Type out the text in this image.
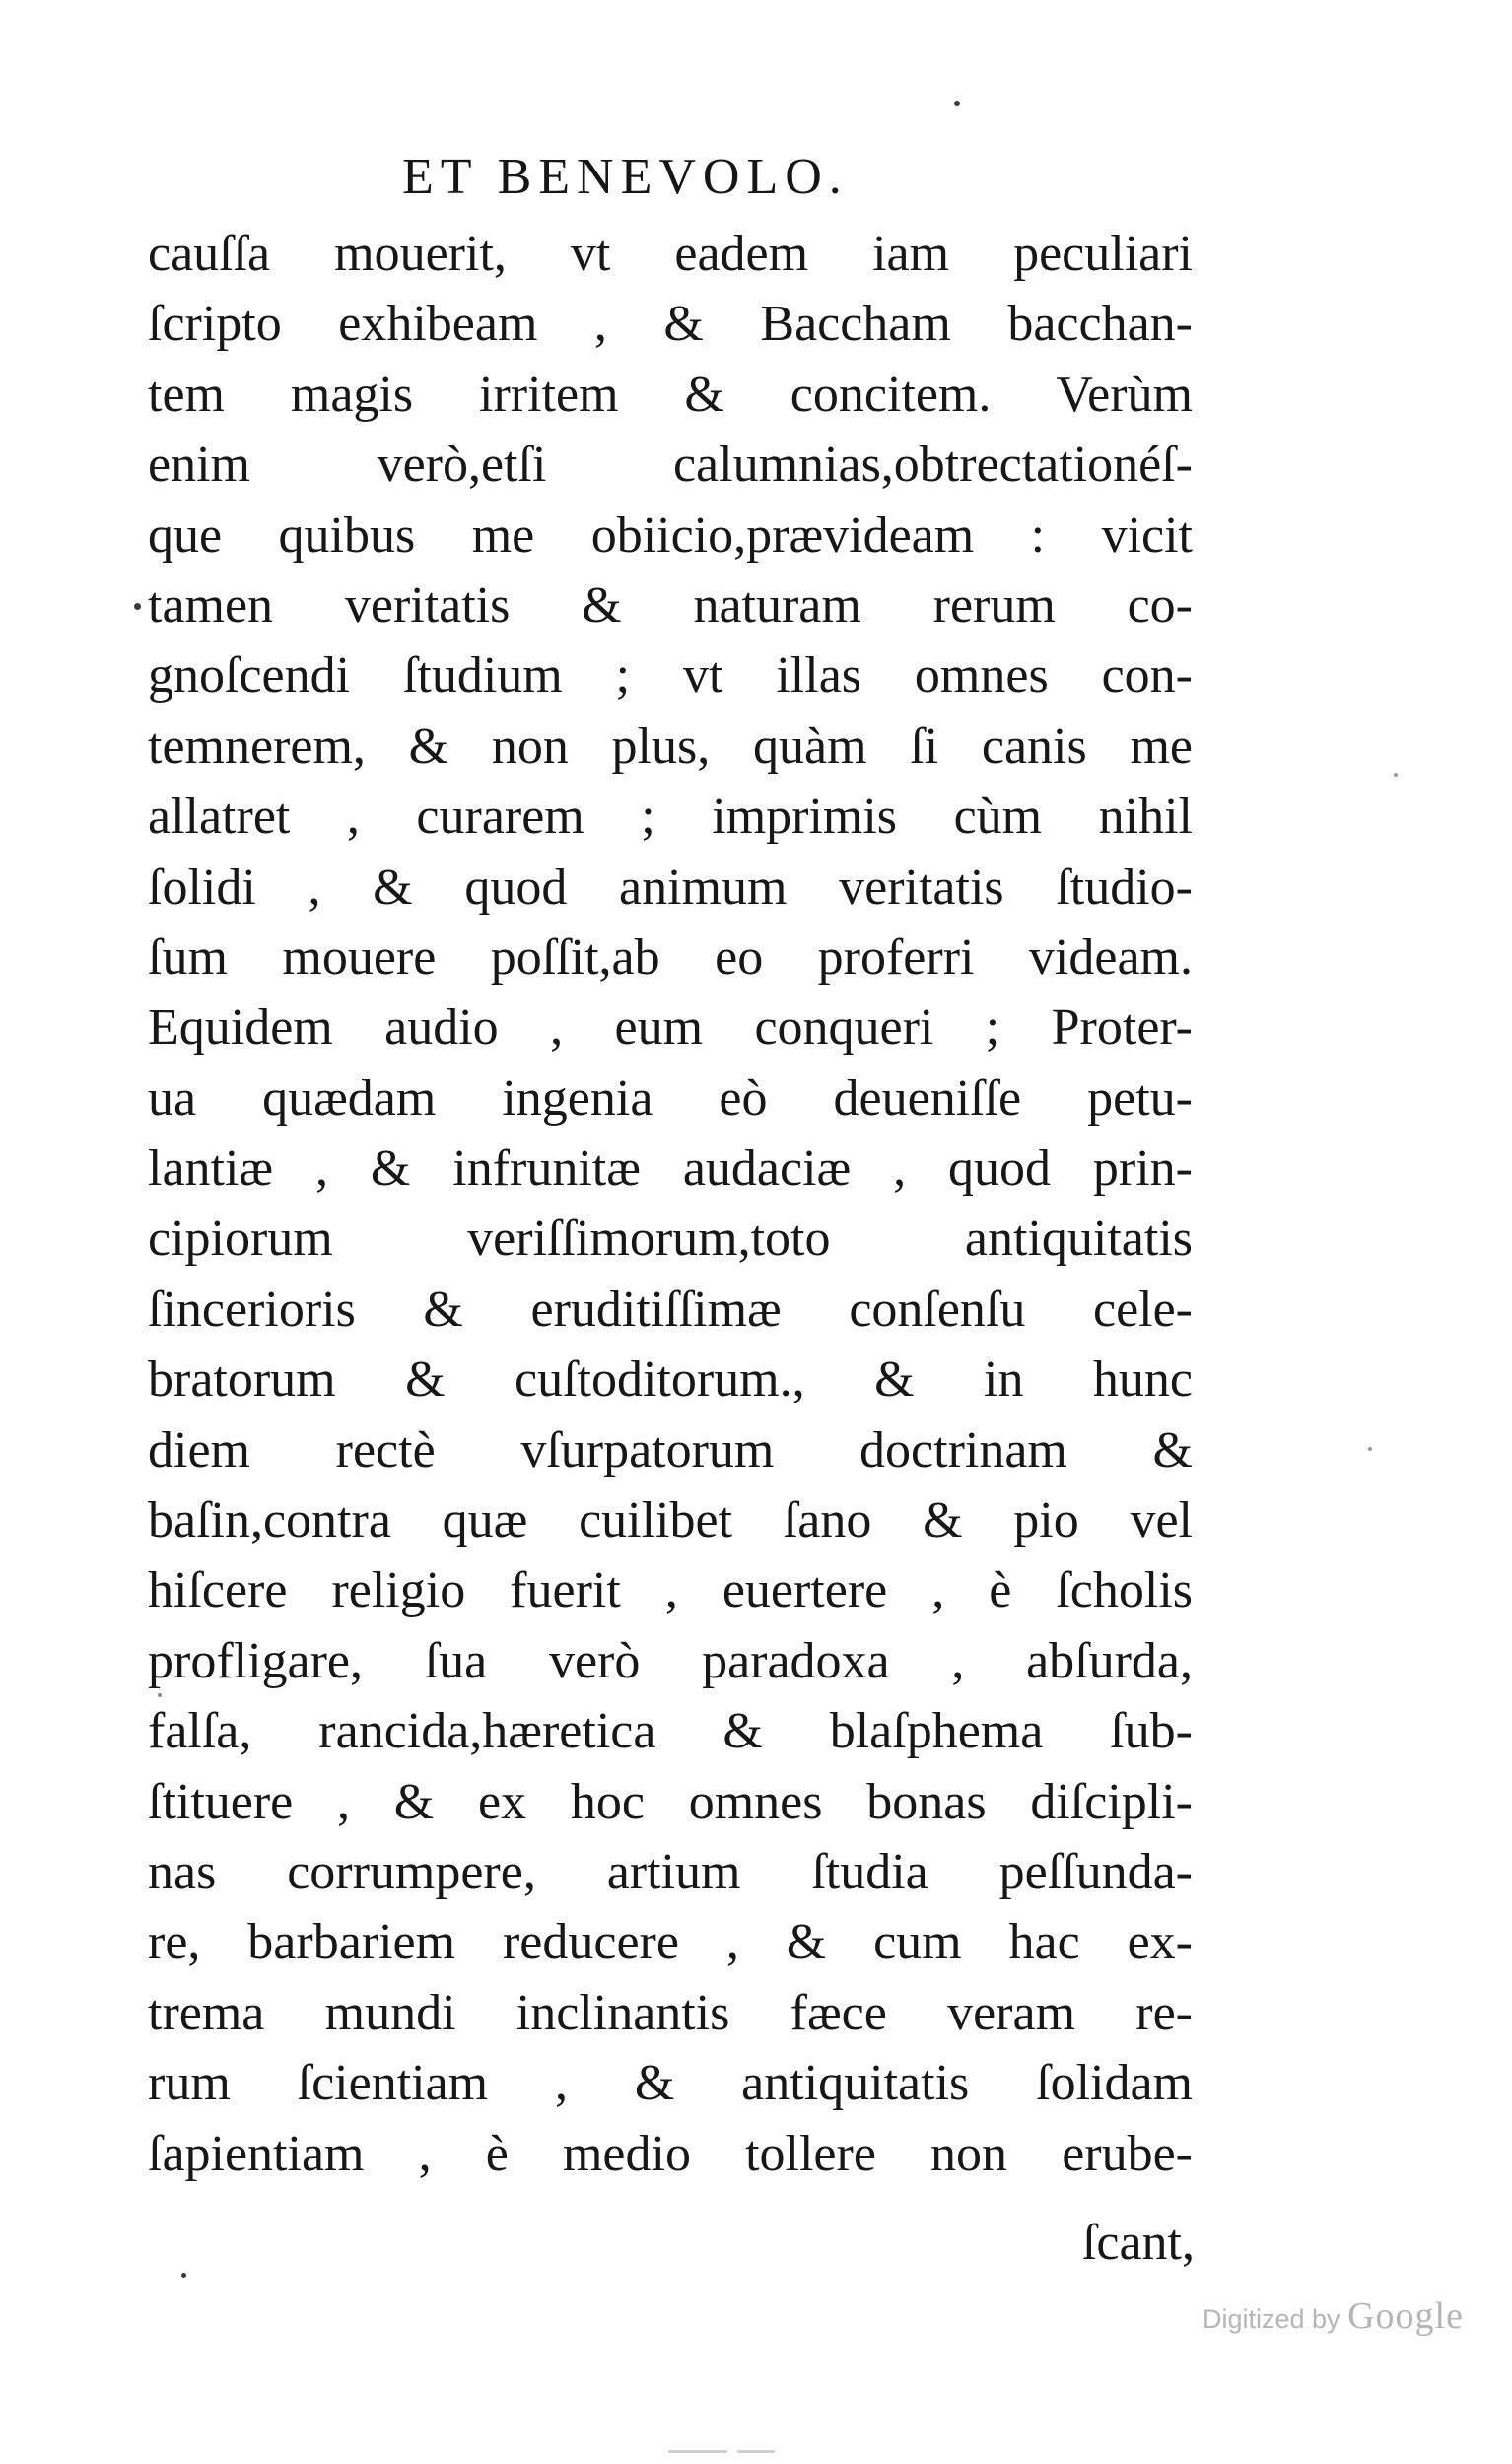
ET BENEVOLO.
cauſſa mouerit, vt eadem iam peculiari
ſcripto exhibeam , & Baccham bacchan-
tem magis irritem & concitem. Verùm
enim verò,etſi calumnias,obtrectationéſ-
que quibus me obiicio,prævideam : vicit
tamen veritatis & naturam rerum co-
gnoſcendi ſtudium ; vt illas omnes con-
temnerem, & non plus, quàm ſi canis me
allatret , curarem ; imprimis cùm nihil
ſolidi , & quod animum veritatis ſtudio-
ſum mouere poſſit,ab eo proferri videam.
Equidem audio , eum conqueri ; Proter-
ua quædam ingenia eò deueniſſe petu-
lantiæ , & infrunitæ audaciæ , quod prin-
cipiorum veriſſimorum,toto antiquitatis
ſincerioris & eruditiſſimæ conſenſu cele-
bratorum & cuſtoditorum., & in hunc
diem rectè vſurpatorum doctrinam &
baſin,contra quæ cuilibet ſano & pio vel
hiſcere religio fuerit , euertere , è ſcholis
profligare, ſua verò paradoxa , abſurda,
falſa, rancida,hæretica & blaſphema ſub-
ſtituere , & ex hoc omnes bonas diſcipli-
nas corrumpere, artium ſtudia peſſunda-
re, barbariem reducere , & cum hac ex-
trema mundi inclinantis fæce veram re-
rum ſcientiam , & antiquitatis ſolidam
ſapientiam , è medio tollere non erube-
ſcant,
Digitized by Google
